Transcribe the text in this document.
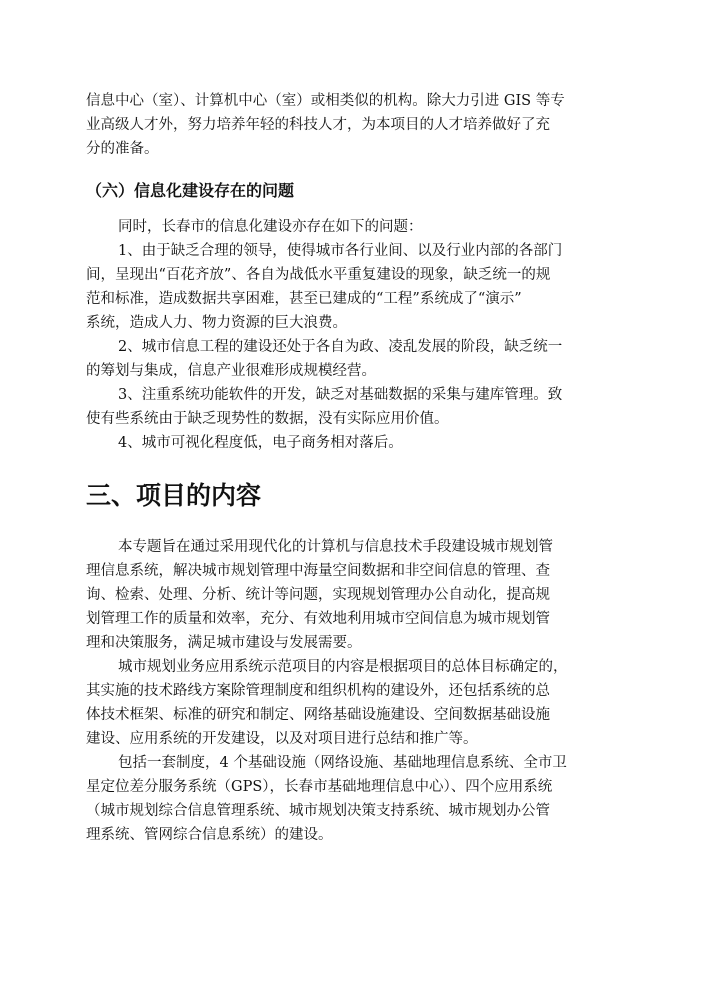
信息中心（室）、计算机中心（室）或相类似的机构。除大力引进 GIS 等专
业高级人才外，努力培养年轻的科技人才，为本项目的人才培养做好了充
分的准备。
（六）信息化建设存在的问题
同时，长春市的信息化建设亦存在如下的问题：
1、由于缺乏合理的领导，使得城市各行业间、以及行业内部的各部门
间，呈现出“百花齐放”、各自为战低水平重复建设的现象，缺乏统一的规
范和标准，造成数据共享困难，甚至已建成的“工程”系统成了“演示”
系统，造成人力、物力资源的巨大浪费。
2、城市信息工程的建设还处于各自为政、凌乱发展的阶段，缺乏统一
的筹划与集成，信息产业很难形成规模经营。
3、注重系统功能软件的开发，缺乏对基础数据的采集与建库管理。致
使有些系统由于缺乏现势性的数据，没有实际应用价值。
4、城市可视化程度低，电子商务相对落后。
三、项目的内容
本专题旨在通过采用现代化的计算机与信息技术手段建设城市规划管
理信息系统，解决城市规划管理中海量空间数据和非空间信息的管理、查
询、检索、处理、分析、统计等问题，实现规划管理办公自动化，提高规
划管理工作的质量和效率，充分、有效地利用城市空间信息为城市规划管
理和决策服务，满足城市建设与发展需要。
城市规划业务应用系统示范项目的内容是根据项目的总体目标确定的，
其实施的技术路线方案除管理制度和组织机构的建设外，还包括系统的总
体技术框架、标准的研究和制定、网络基础设施建设、空间数据基础设施
建设、应用系统的开发建设，以及对项目进行总结和推广等。
包括一套制度，4 个基础设施（网络设施、基础地理信息系统、全市卫
星定位差分服务系统（GPS），长春市基础地理信息中心）、四个应用系统
（城市规划综合信息管理系统、城市规划决策支持系统、城市规划办公管
理系统、管网综合信息系统）的建设。
